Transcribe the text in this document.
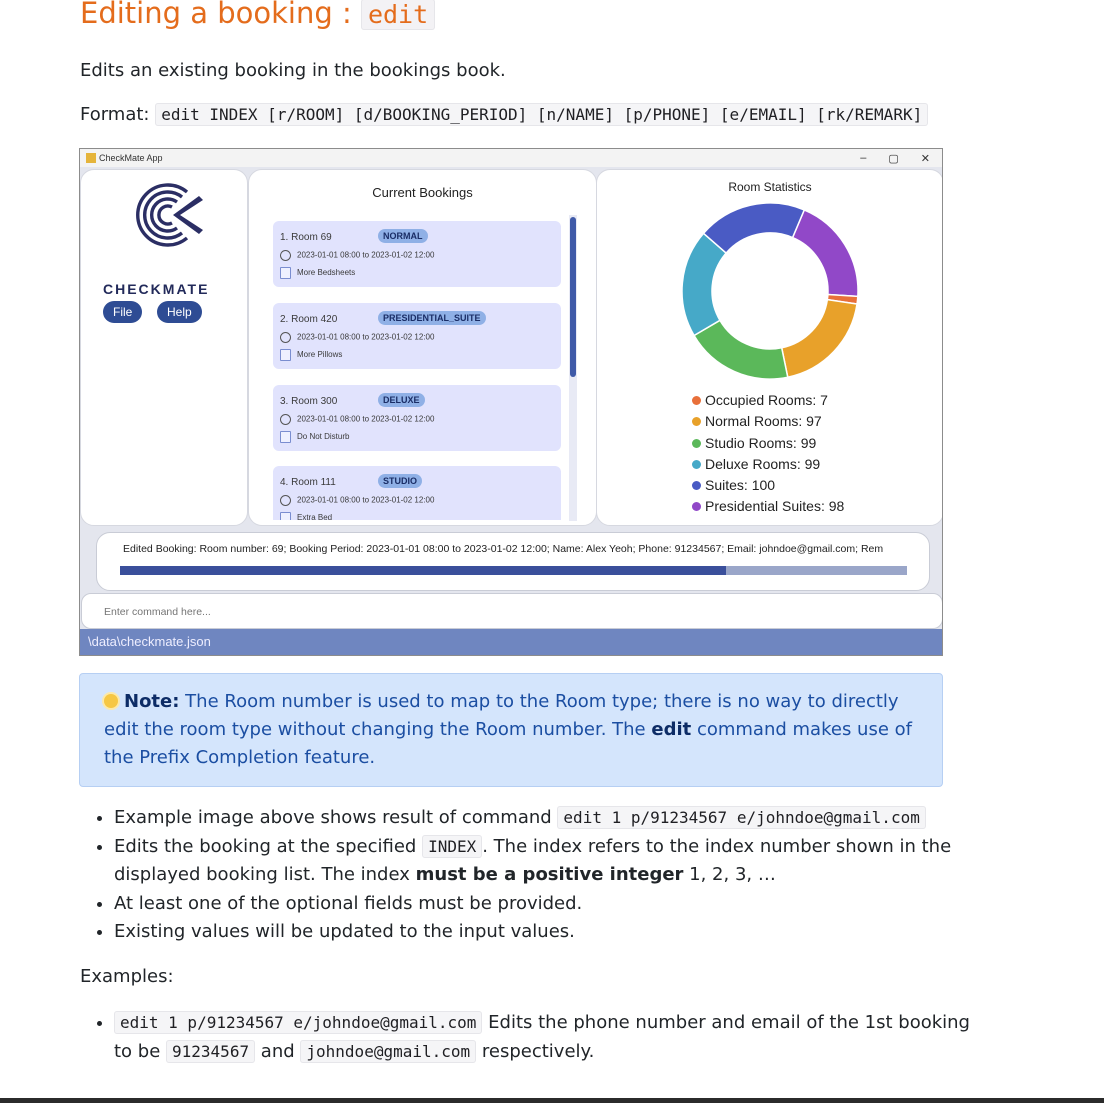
Editing a booking : edit

Edits an existing booking in the bookings book.

Format: edit INDEX [r/ROOM] [d/BOOKING_PERIOD] [n/NAME] [p/PHONE] [e/EMAIL] [rk/REMARK]

CheckMate App	– ▢ ✕
CHECKMATE
File	Help
Current Bookings
1. Room 69	NORMAL
2023-01-01 08:00 to 2023-01-02 12:00
More Bedsheets
2. Room 420	PRESIDENTIAL_SUITE
2023-01-01 08:00 to 2023-01-02 12:00
More Pillows
3. Room 300	DELUXE
2023-01-01 08:00 to 2023-01-02 12:00
Do Not Disturb
4. Room 111	STUDIO
2023-01-01 08:00 to 2023-01-02 12:00
Extra Bed
Room Statistics
Occupied Rooms: 7
Normal Rooms: 97
Studio Rooms: 99
Deluxe Rooms: 99
Suites: 100
Presidential Suites: 98
Edited Booking: Room number: 69; Booking Period: 2023-01-01 08:00 to 2023-01-02 12:00; Name: Alex Yeoh; Phone: 91234567; Email: johndoe@gmail.com; Rem
Enter command here...
\data\checkmate.json
Note: The Room number is used to map to the Room type; there is no way to directly edit the room type without changing the Room number. The edit command makes use of the Prefix Completion feature.
• Example image above shows result of command edit 1 p/91234567 e/johndoe@gmail.com
• Edits the booking at the specified INDEX . The index refers to the index number shown in the displayed booking list. The index must be a positive integer 1, 2, 3, …
• At least one of the optional fields must be provided.
• Existing values will be updated to the input values.

Examples:

• edit 1 p/91234567 e/johndoe@gmail.com Edits the phone number and email of the 1st booking to be 91234567 and johndoe@gmail.com respectively.
